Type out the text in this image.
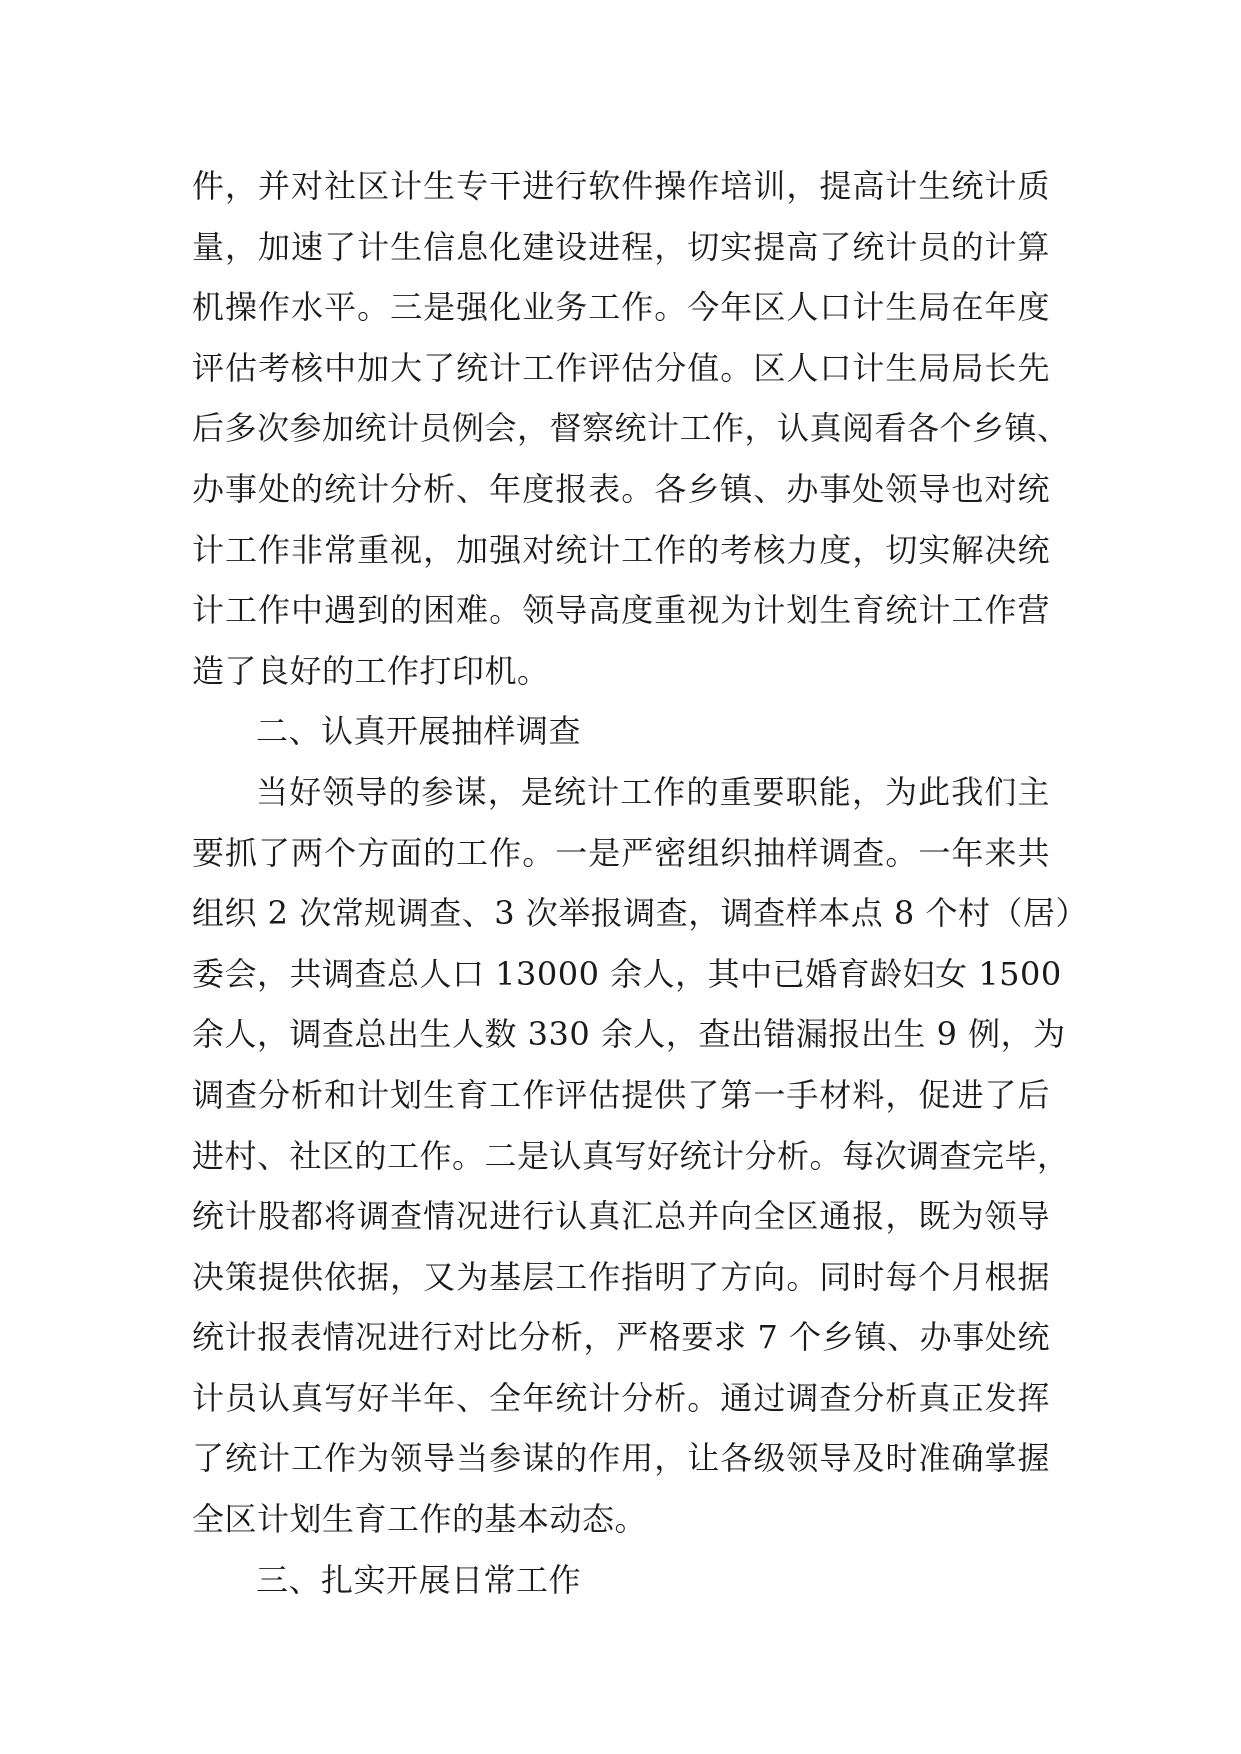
件，并对社区计生专干进行软件操作培训，提高计生统计质
量，加速了计生信息化建设进程，切实提高了统计员的计算
机操作水平。三是强化业务工作。今年区人口计生局在年度
评估考核中加大了统计工作评估分值。区人口计生局局长先
后多次参加统计员例会，督察统计工作，认真阅看各个乡镇、
办事处的统计分析、年度报表。各乡镇、办事处领导也对统
计工作非常重视，加强对统计工作的考核力度，切实解决统
计工作中遇到的困难。领导高度重视为计划生育统计工作营
造了良好的工作打印机。
二、认真开展抽样调查
当好领导的参谋，是统计工作的重要职能，为此我们主
要抓了两个方面的工作。一是严密组织抽样调查。一年来共
组织 2 次常规调查、3 次举报调查，调查样本点 8 个村（居）
委会，共调查总人口 13000 余人，其中已婚育龄妇女 1500
余人，调查总出生人数 330 余人，查出错漏报出生 9 例，为
调查分析和计划生育工作评估提供了第一手材料，促进了后
进村、社区的工作。二是认真写好统计分析。每次调查完毕，
统计股都将调查情况进行认真汇总并向全区通报，既为领导
决策提供依据，又为基层工作指明了方向。同时每个月根据
统计报表情况进行对比分析，严格要求 7 个乡镇、办事处统
计员认真写好半年、全年统计分析。通过调查分析真正发挥
了统计工作为领导当参谋的作用，让各级领导及时准确掌握
全区计划生育工作的基本动态。
三、扎实开展日常工作
